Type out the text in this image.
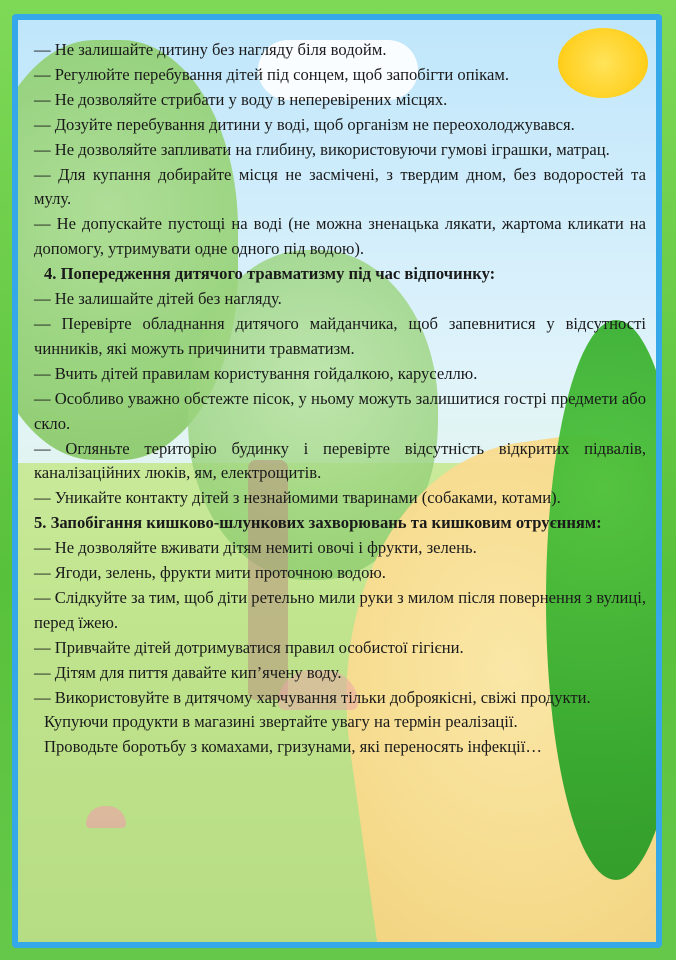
— Не залишайте дитину без нагляду біля водойм.

— Регулюйте перебування дітей під сонцем, щоб запобігти опікам.

— Не дозволяйте стрибати у воду в неперевірених місцях.

— Дозуйте перебування дитини у воді, щоб організм не переохолоджувався.

— Не дозволяйте запливати на глибину, використовуючи гумові іграшки, матрац.

— Для купання добирайте місця не засмічені, з твердим дном, без водоростей та мулу.

— Не допускайте пустощі на воді (не можна зненацька лякати, жартома кликати на допомогу, утримувати одне одного під водою).

4. Попередження дитячого травматизму під час відпочинку:

— Не залишайте дітей без нагляду.

— Перевірте обладнання дитячого майданчика, щоб запевнитися у відсутності чинників, які можуть причинити травматизм.

— Вчить дітей правилам користування гойдалкою, каруселлю.

— Особливо уважно обстежте пісок, у ньому можуть залишитися гострі предмети або скло.

— Огляньте територію будинку і перевірте відсутність відкритих підвалів, каналізаційних люків, ям, електрощитів.

— Уникайте контакту дітей з незнайомими тваринами (собаками, котами).

5. Запобігання кишково-шлункових захворювань та кишковим отруєнням:

— Не дозволяйте вживати дітям немиті овочі і фрукти, зелень.

— Ягоди, зелень, фрукти мити проточною водою.

— Слідкуйте за тим, щоб діти ретельно мили руки з милом після повернення з вулиці, перед їжею.

— Привчайте дітей дотримуватися правил особистої гігієни.

— Дітям для пиття давайте кип’ячену воду.

— Використовуйте в дитячому харчування тільки доброякісні, свіжі продукти.

Купуючи продукти в магазині звертайте увагу на термін реалізації.

Проводьте боротьбу з комахами, гризунами, які переносять інфекції…
